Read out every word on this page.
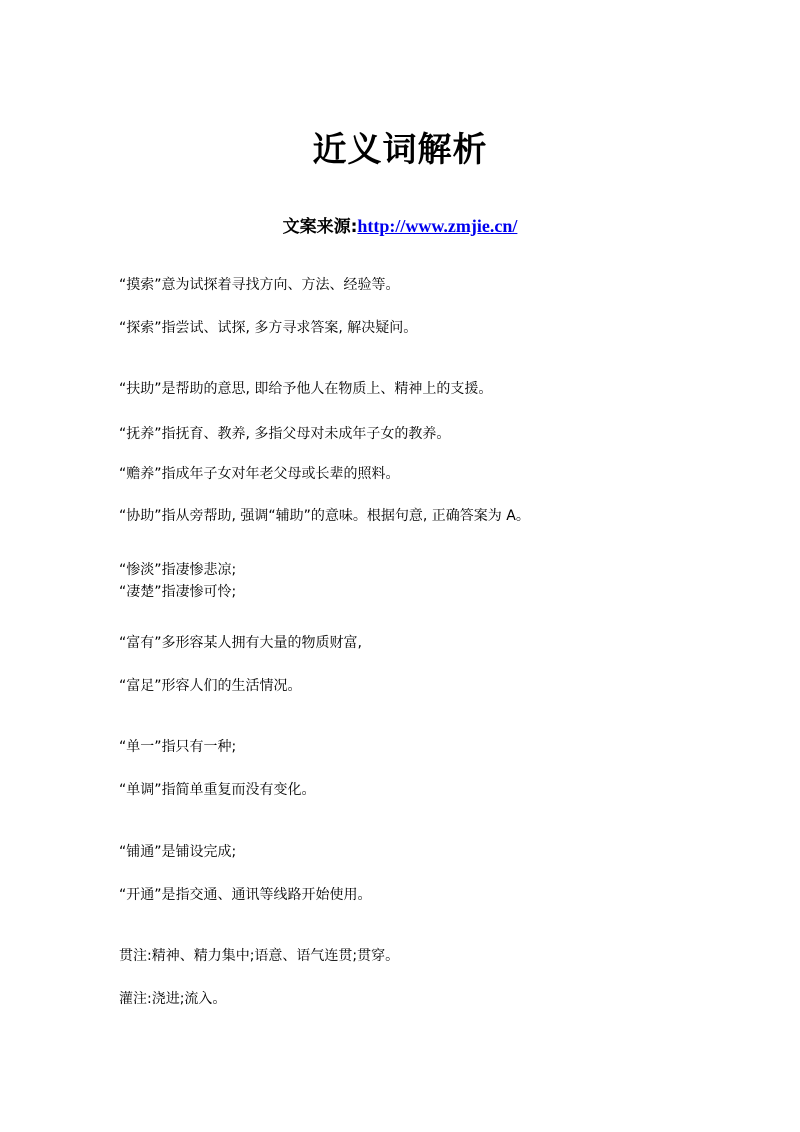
近义词解析
文案来源:http://www.zmjie.cn/
“摸索”意为试探着寻找方向、方法、经验等。
“探索”指尝试、试探, 多方寻求答案, 解决疑问。
“扶助”是帮助的意思, 即给予他人在物质上、精神上的支援。
“抚养”指抚育、教养, 多指父母对未成年子女的教养。
“赡养”指成年子女对年老父母或长辈的照料。
“协助”指从旁帮助, 强调“辅助”的意味。根据句意, 正确答案为 A。
“惨淡”指凄惨悲凉;
“凄楚”指凄惨可怜;
“富有”多形容某人拥有大量的物质财富,
“富足”形容人们的生活情况。
“单一”指只有一种;
“单调”指简单重复而没有变化。
“铺通”是铺设完成;
“开通”是指交通、通讯等线路开始使用。
贯注:精神、精力集中;语意、语气连贯;贯穿。
灌注:浇进;流入。
